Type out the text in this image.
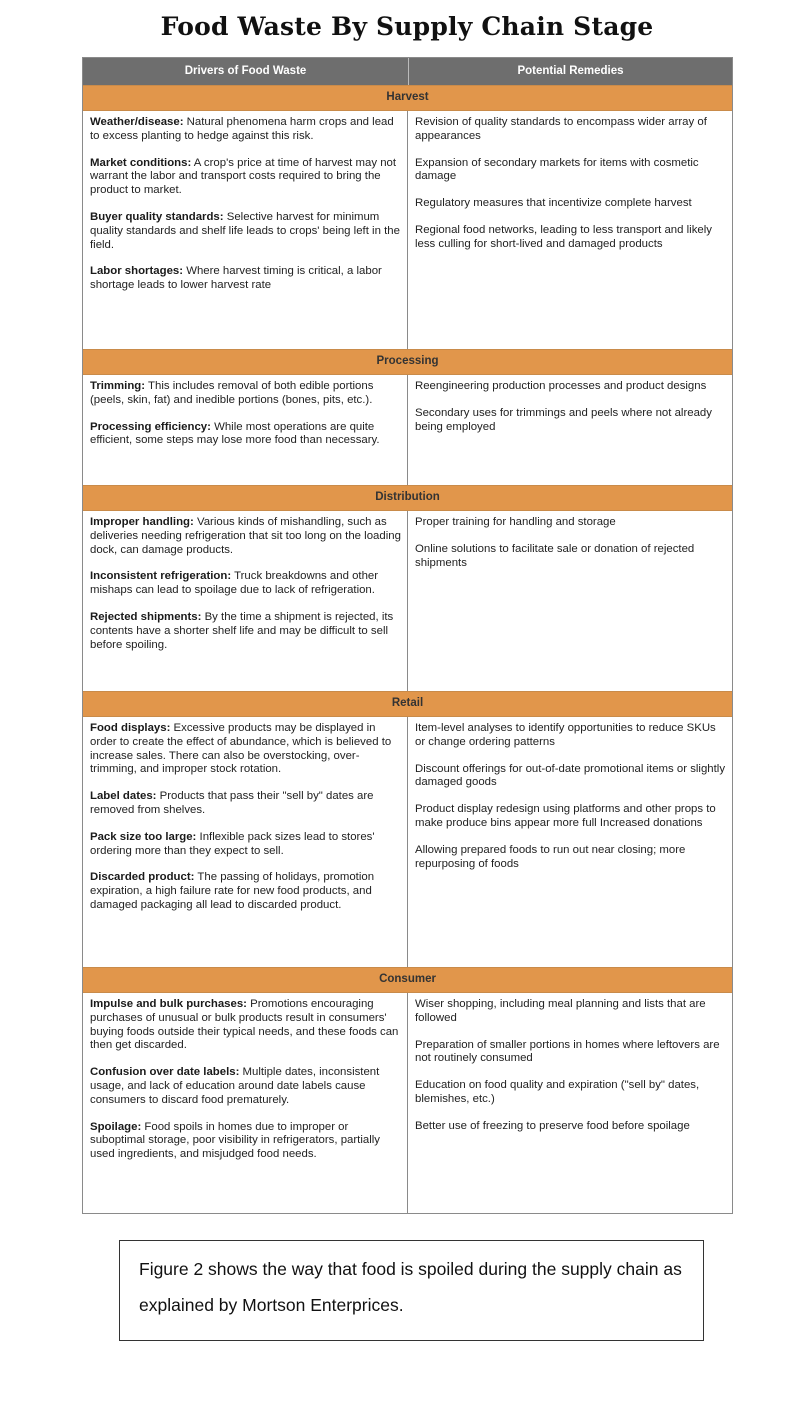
Food Waste By Supply Chain Stage
Drivers of Food Waste	Potential Remedies
Harvest
Weather/disease: Natural phenomena harm crops and lead to excess planting to hedge against this risk.
Market conditions: A crop's price at time of harvest may not warrant the labor and transport costs required to bring the product to market.
Buyer quality standards: Selective harvest for minimum quality standards and shelf life leads to crops' being left in the field.
Labor shortages: Where harvest timing is critical, a labor shortage leads to lower harvest rate
Revision of quality standards to encompass wider array of appearances
Expansion of secondary markets for items with cosmetic damage
Regulatory measures that incentivize complete harvest
Regional food networks, leading to less transport and likely less culling for short-lived and damaged products
Processing
Trimming: This includes removal of both edible portions (peels, skin, fat) and inedible portions (bones, pits, etc.).
Processing efficiency: While most operations are quite efficient, some steps may lose more food than necessary.
Reengineering production processes and product designs
Secondary uses for trimmings and peels where not already being employed
Distribution
Improper handling: Various kinds of mishandling, such as deliveries needing refrigeration that sit too long on the loading dock, can damage products.
Inconsistent refrigeration: Truck breakdowns and other mishaps can lead to spoilage due to lack of refrigeration.
Rejected shipments: By the time a shipment is rejected, its contents have a shorter shelf life and may be difficult to sell before spoiling.
Proper training for handling and storage
Online solutions to facilitate sale or donation of rejected shipments
Retail
Food displays: Excessive products may be displayed in order to create the effect of abundance, which is believed to increase sales. There can also be overstocking, over-trimming, and improper stock rotation.
Label dates: Products that pass their "sell by" dates are removed from shelves.
Pack size too large: Inflexible pack sizes lead to stores' ordering more than they expect to sell.
Discarded product: The passing of holidays, promotion expiration, a high failure rate for new food products, and damaged packaging all lead to discarded product.
Item-level analyses to identify opportunities to reduce SKUs or change ordering patterns
Discount offerings for out-of-date promotional items or slightly damaged goods
Product display redesign using platforms and other props to make produce bins appear more full Increased donations
Allowing prepared foods to run out near closing; more repurposing of foods
Consumer
Impulse and bulk purchases: Promotions encouraging purchases of unusual or bulk products result in consumers' buying foods outside their typical needs, and these foods can then get discarded.
Confusion over date labels: Multiple dates, inconsistent usage, and lack of education around date labels cause consumers to discard food prematurely.
Spoilage: Food spoils in homes due to improper or suboptimal storage, poor visibility in refrigerators, partially used ingredients, and misjudged food needs.
Wiser shopping, including meal planning and lists that are followed
Preparation of smaller portions in homes where leftovers are not routinely consumed
Education on food quality and expiration ("sell by" dates, blemishes, etc.)
Better use of freezing to preserve food before spoilage
Figure 2 shows the way that food is spoiled during the supply chain as explained by Mortson Enterprices.
